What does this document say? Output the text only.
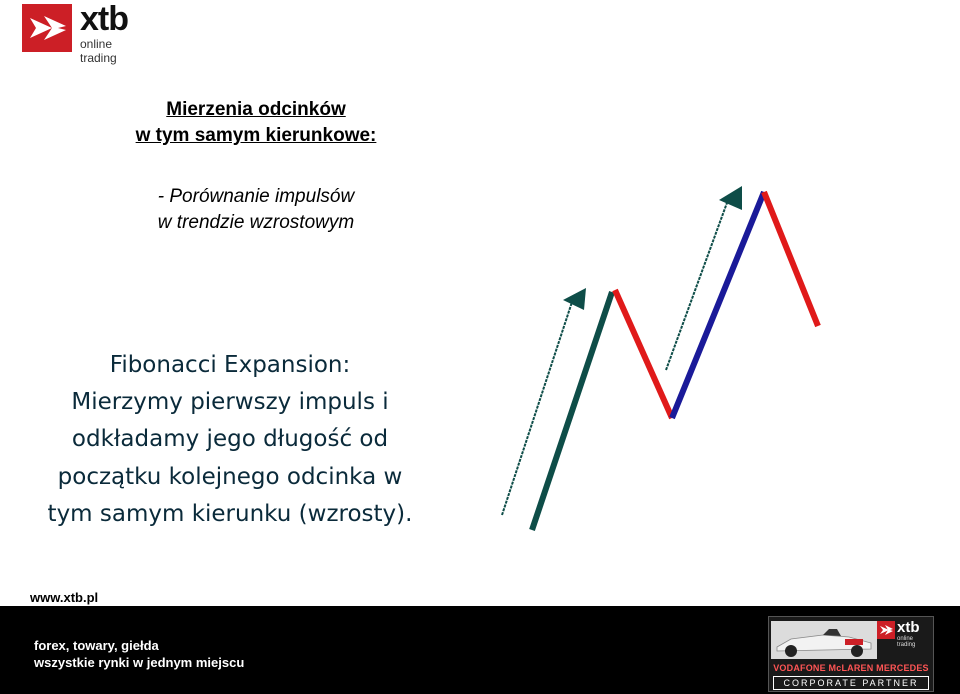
xtb
online trading
Mierzenia odcinków
w tym samym kierunkowe:
- Porównanie impulsów
w trendzie wzrostowym
Fibonacci Expansion:
Mierzymy pierwszy impuls i
odkładamy jego długość od
początku kolejnego odcinka w
tym samym kierunku (wzrosty).
www.xtb.pl
forex, towary, giełda
wszystkie rynki w jednym miejscu
xtb
online trading
VODAFONE McLAREN MERCEDES
CORPORATE PARTNER
